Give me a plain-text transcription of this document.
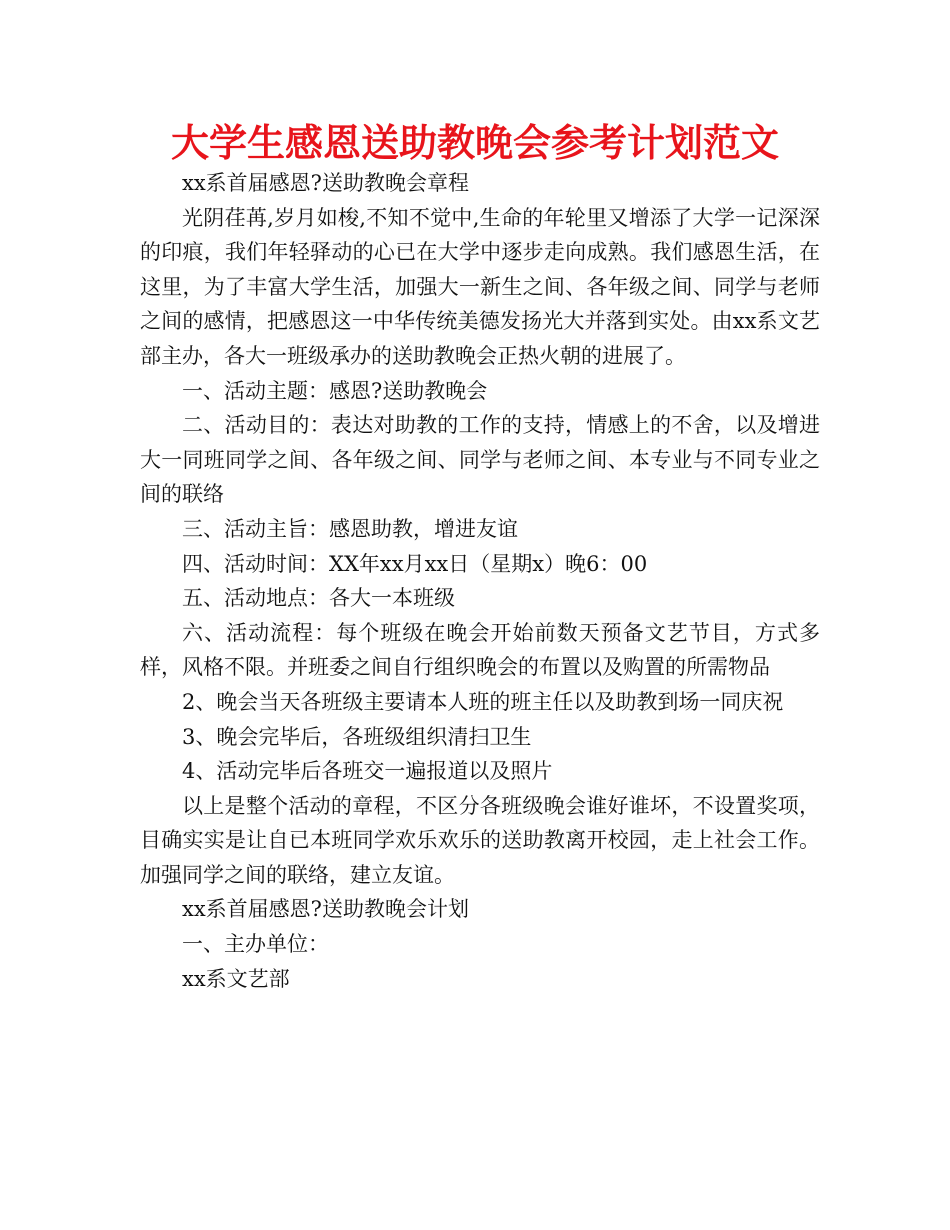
大学生感恩送助教晚会参考计划范文

xx系首届感恩?送助教晚会章程

光阴荏苒,岁月如梭,不知不觉中,生命的年轮里又增添了大学一记深深的印痕，我们年轻驿动的心已在大学中逐步走向成熟。我们感恩生活，在这里，为了丰富大学生活，加强大一新生之间、各年级之间、同学与老师之间的感情，把感恩这一中华传统美德发扬光大并落到实处。由xx系文艺部主办，各大一班级承办的送助教晚会正热火朝的进展了。

一、活动主题：感恩?送助教晚会

二、活动目的：表达对助教的工作的支持，情感上的不舍，以及增进大一同班同学之间、各年级之间、同学与老师之间、本专业与不同专业之间的联络

三、活动主旨：感恩助教，增进友谊

四、活动时间：XX年xx月xx日（星期x）晚6：00

五、活动地点：各大一本班级

六、活动流程：每个班级在晚会开始前数天预备文艺节目，方式多样，风格不限。并班委之间自行组织晚会的布置以及购置的所需物品

2、晚会当天各班级主要请本人班的班主任以及助教到场一同庆祝

3、晚会完毕后，各班级组织清扫卫生

4、活动完毕后各班交一遍报道以及照片

以上是整个活动的章程，不区分各班级晚会谁好谁坏，不设置奖项，目确实实是让自已本班同学欢乐欢乐的送助教离开校园，走上社会工作。加强同学之间的联络，建立友谊。

xx系首届感恩?送助教晚会计划

一、主办单位：

xx系文艺部
